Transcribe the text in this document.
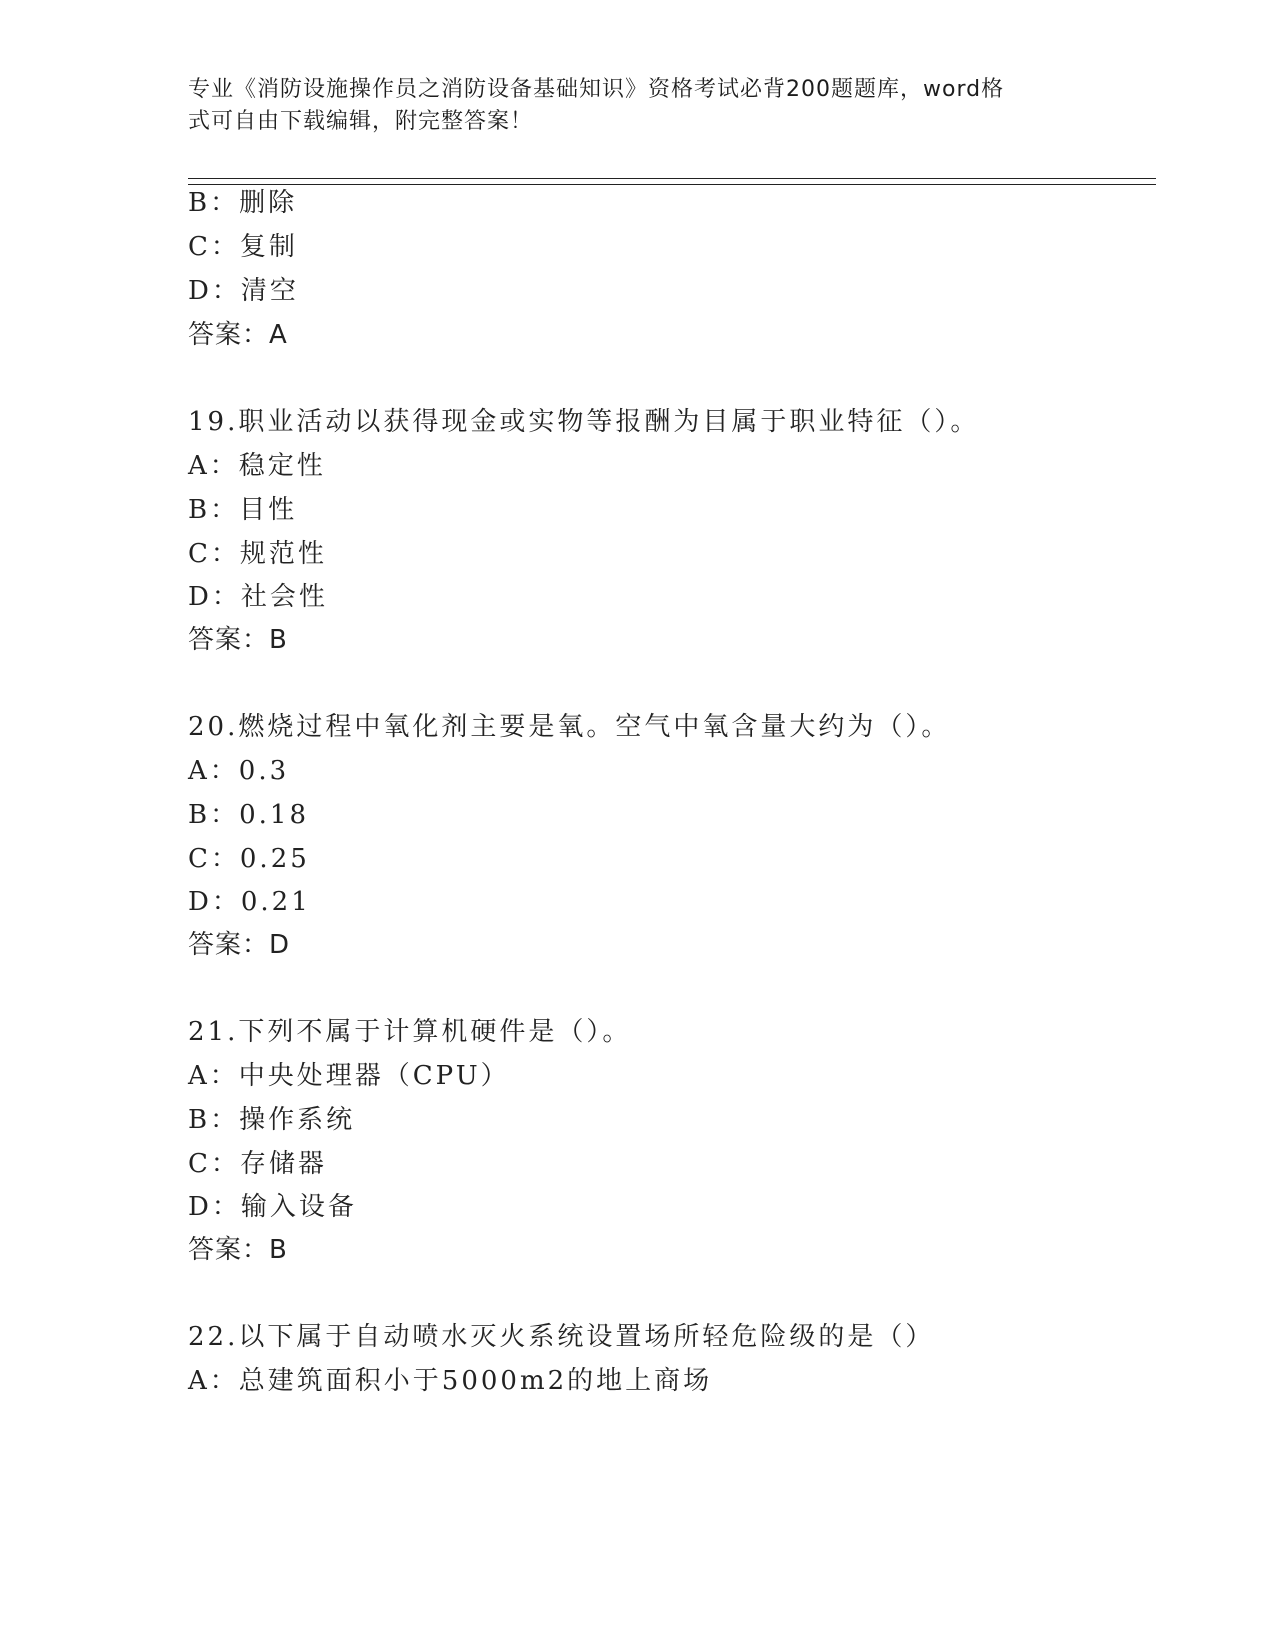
专业《消防设施操作员之消防设备基础知识》资格考试必背200题题库，word格
式可自由下载编辑，附完整答案！
B：删除
C：复制
D：清空
答案：A
19.职业活动以获得现金或实物等报酬为目属于职业特征（）。
A：稳定性
B：目性
C：规范性
D：社会性
答案：B
20.燃烧过程中氧化剂主要是氧。空气中氧含量大约为（）。
A：0.3
B：0.18
C：0.25
D：0.21
答案：D
21.下列不属于计算机硬件是（）。
A：中央处理器（CPU）
B：操作系统
C：存储器
D：输入设备
答案：B
22.以下属于自动喷水灭火系统设置场所轻危险级的是（）
A：总建筑面积小于5000m2的地上商场
